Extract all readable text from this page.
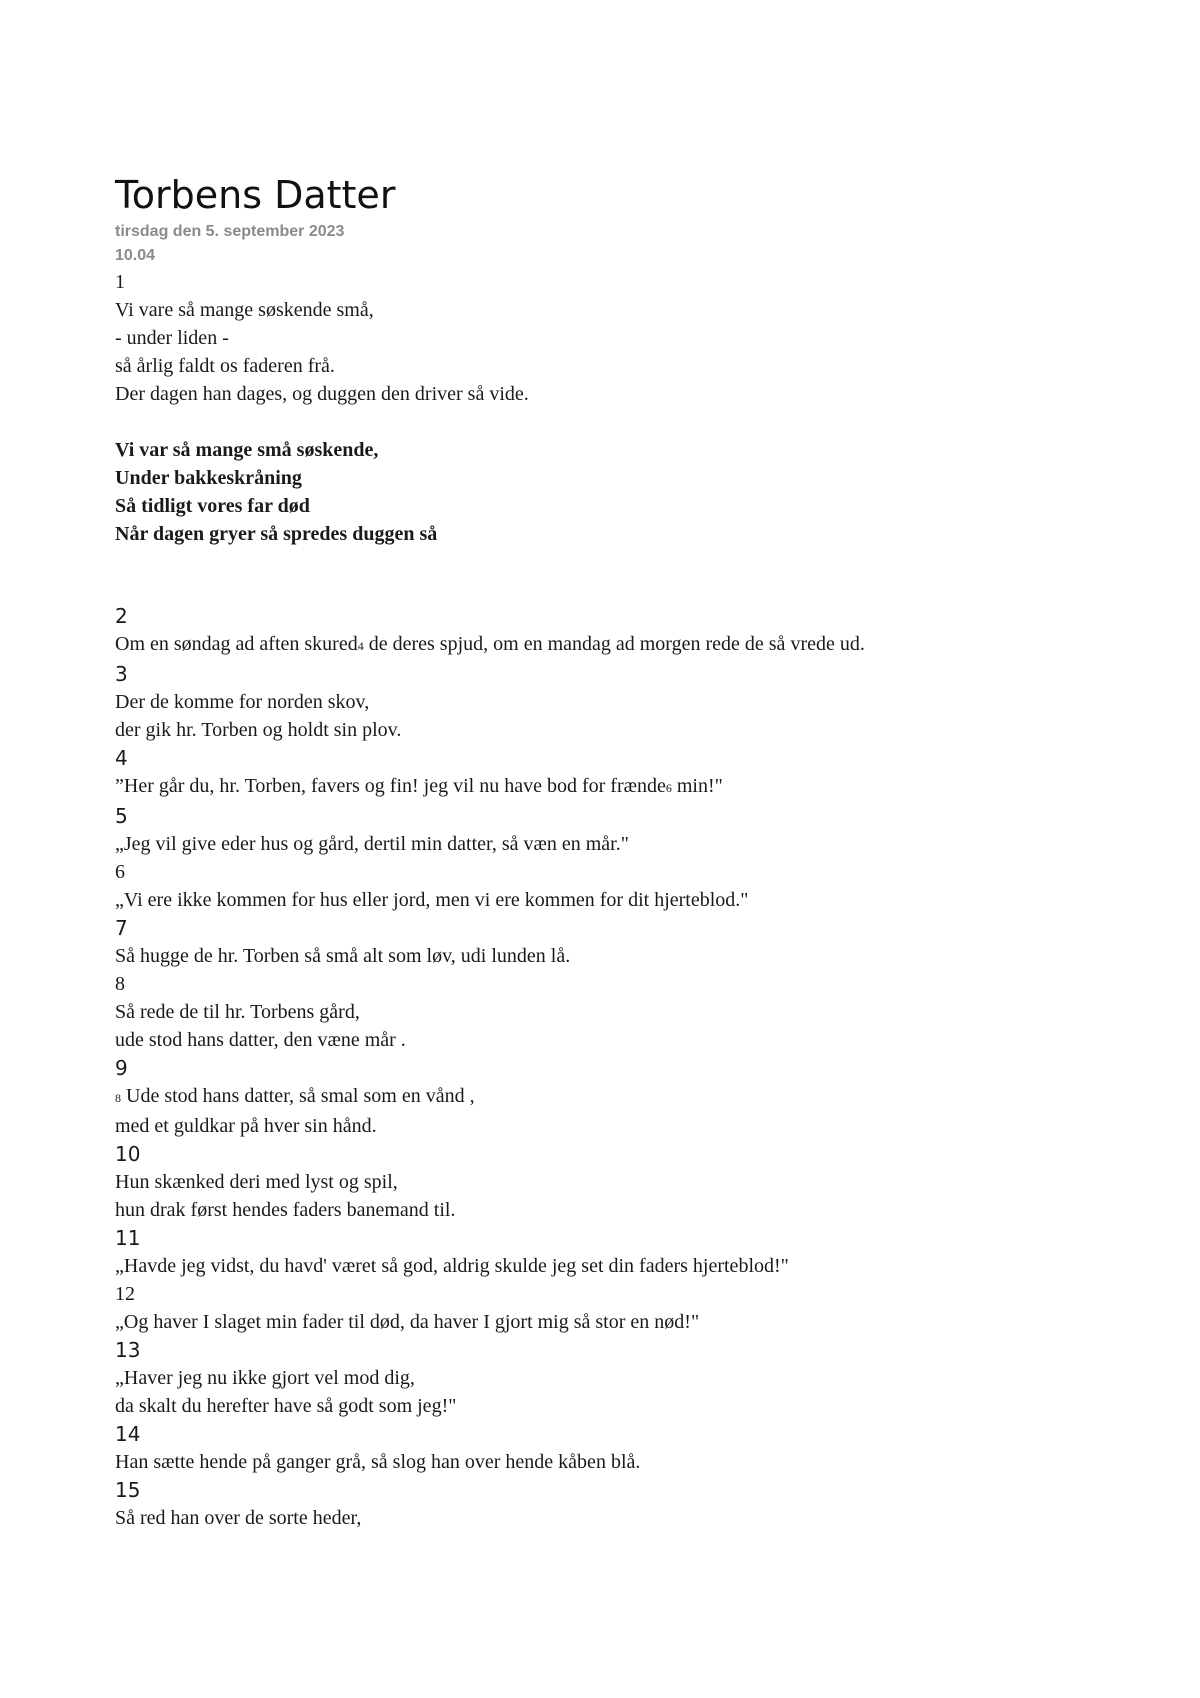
Torbens Datter
tirsdag den 5. september 2023
10.04
1
Vi vare så mange søskende små,
- under liden -
så årlig faldt os faderen frå.
Der dagen han dages, og duggen den driver så vide.
Vi var så mange små søskende,
Under bakkeskråning
Så tidligt vores far død
Når dagen gryer så spredes duggen så
2
Om en søndag ad aften skured4 de deres spjud, om en mandag ad morgen rede de så vrede ud.
3
Der de komme for norden skov,
der gik hr. Torben og holdt sin plov.
4
”Her går du, hr. Torben, favers og fin! jeg vil nu have bod for frænde6 min!"
5
„Jeg vil give eder hus og gård, dertil min datter, så væn en mår."
6
„Vi ere ikke kommen for hus eller jord, men vi ere kommen for dit hjerteblod."
7
Så hugge de hr. Torben så små alt som løv, udi lunden lå.
8
Så rede de til hr. Torbens gård,
ude stod hans datter, den væne mår .
9
8 Ude stod hans datter, så smal som en vånd ,
med et guldkar på hver sin hånd.
10
Hun skænked deri med lyst og spil,
hun drak først hendes faders banemand til.
11
„Havde jeg vidst, du havd' været så god, aldrig skulde jeg set din faders hjerteblod!"
12
„Og haver I slaget min fader til død, da haver I gjort mig så stor en nød!"
13
„Haver jeg nu ikke gjort vel mod dig,
da skalt du herefter have så godt som jeg!"
14
Han sætte hende på ganger grå, så slog han over hende kåben blå.
15
Så red han over de sorte heder,
